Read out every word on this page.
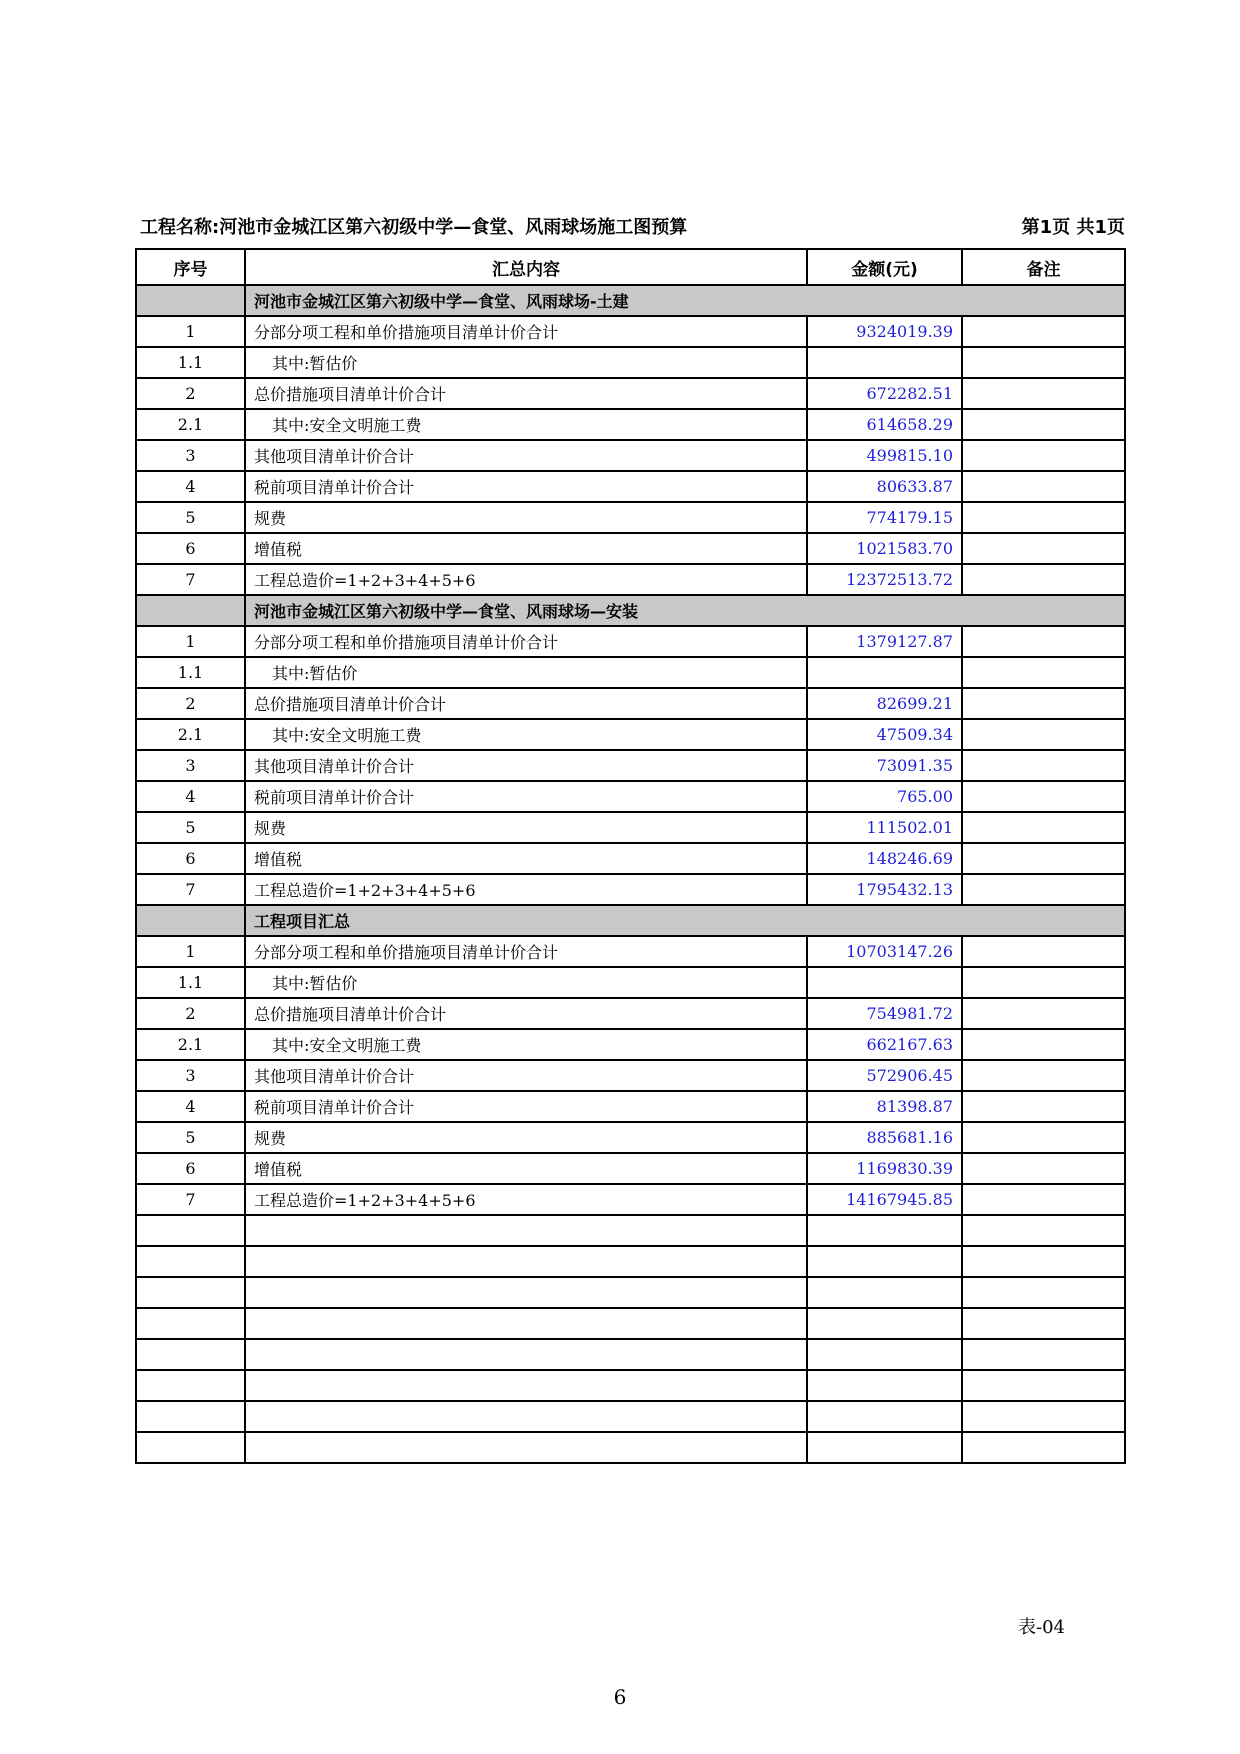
工程名称:河池市金城江区第六初级中学—食堂、风雨球场施工图预算	第1页 共1页
序号	汇总内容	金额(元)	备注
	河池市金城江区第六初级中学—食堂、风雨球场-土建		
1	分部分项工程和单价措施项目清单计价合计	9324019.39	
1.1	其中:暂估价		
2	总价措施项目清单计价合计	672282.51	
2.1	其中:安全文明施工费	614658.29	
3	其他项目清单计价合计	499815.10	
4	税前项目清单计价合计	80633.87	
5	规费	774179.15	
6	增值税	1021583.70	
7	工程总造价=1+2+3+4+5+6	12372513.72	
	河池市金城江区第六初级中学—食堂、风雨球场—安装		
1	分部分项工程和单价措施项目清单计价合计	1379127.87	
1.1	其中:暂估价		
2	总价措施项目清单计价合计	82699.21	
2.1	其中:安全文明施工费	47509.34	
3	其他项目清单计价合计	73091.35	
4	税前项目清单计价合计	765.00	
5	规费	111502.01	
6	增值税	148246.69	
7	工程总造价=1+2+3+4+5+6	1795432.13	
	工程项目汇总		
1	分部分项工程和单价措施项目清单计价合计	10703147.26	
1.1	其中:暂估价		
2	总价措施项目清单计价合计	754981.72	
2.1	其中:安全文明施工费	662167.63	
3	其他项目清单计价合计	572906.45	
4	税前项目清单计价合计	81398.87	
5	规费	885681.16	
6	增值税	1169830.39	
7	工程总造价=1+2+3+4+5+6	14167945.85	

表-04
6
